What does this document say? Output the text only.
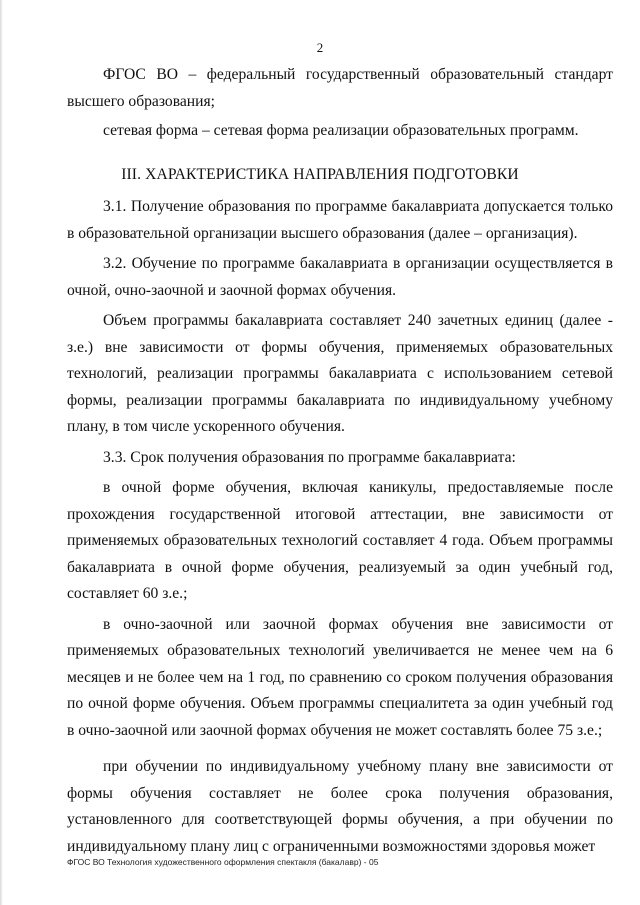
2

ФГОС ВО – федеральный государственный образовательный стандарт высшего образования;

сетевая форма – сетевая форма реализации образовательных программ.

III. ХАРАКТЕРИСТИКА НАПРАВЛЕНИЯ ПОДГОТОВКИ

3.1. Получение образования по программе бакалавриата допускается только в образовательной организации высшего образования (далее – организация).

3.2. Обучение по программе бакалавриата в организации осуществляется в очной, очно-заочной и заочной формах обучения.

Объем программы бакалавриата составляет 240 зачетных единиц (далее - з.е.) вне зависимости от формы обучения, применяемых образовательных технологий, реализации программы бакалавриата с использованием сетевой формы, реализации программы бакалавриата по индивидуальному учебному плану, в том числе ускоренного обучения.

3.3. Срок получения образования по программе бакалавриата:

в очной форме обучения, включая каникулы, предоставляемые после прохождения государственной итоговой аттестации, вне зависимости от применяемых образовательных технологий составляет 4 года. Объем программы бакалавриата в очной форме обучения, реализуемый за один учебный год, составляет 60 з.е.;

в очно-заочной или заочной формах обучения вне зависимости от применяемых образовательных технологий увеличивается не менее чем на 6 месяцев и не более чем на 1 год, по сравнению со сроком получения образования по очной форме обучения. Объем программы специалитета за один учебный год в очно-заочной или заочной формах обучения не может составлять более 75 з.е.;

при обучении по индивидуальному учебному плану вне зависимости от формы обучения составляет не более срока получения образования, установленного для соответствующей формы обучения, а при обучении по индивидуальному плану лиц с ограниченными возможностями здоровья может

ФГОС ВО Технология художественного оформления спектакля (бакалавр) - 05
